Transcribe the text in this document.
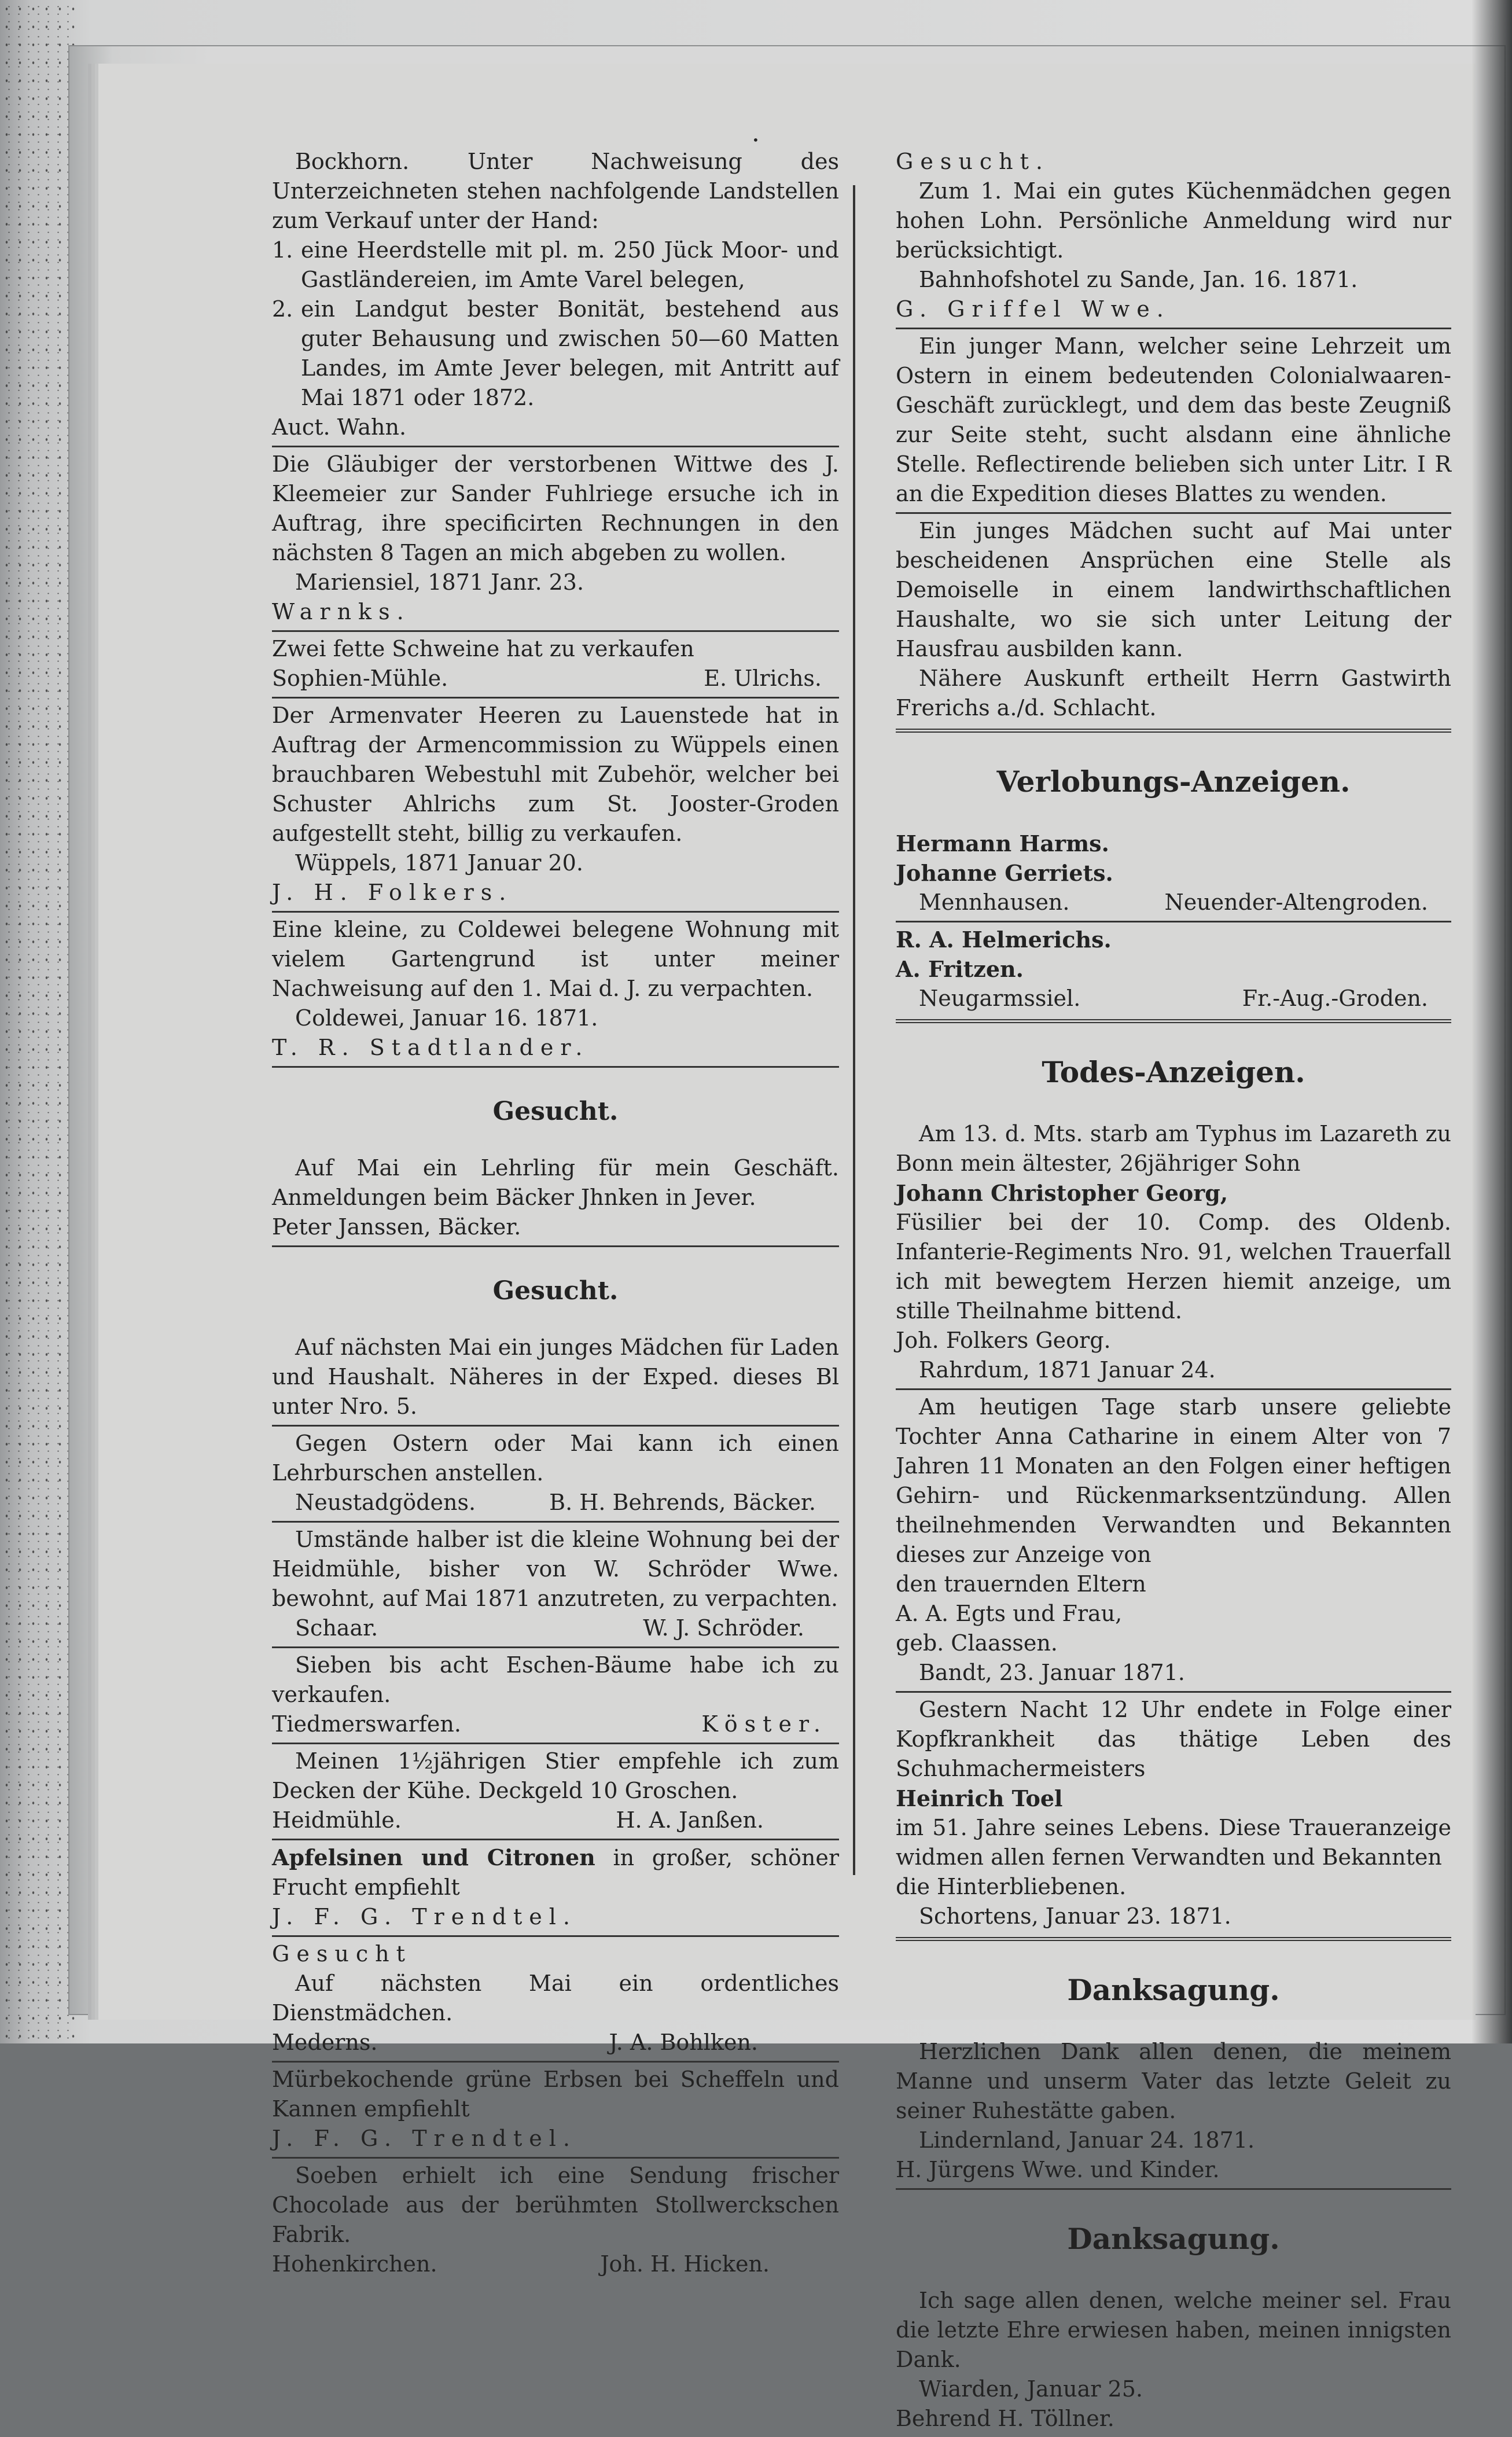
•

Bockhorn. Unter Nachweisung des Unterzeichneten stehen nachfolgende Landstellen zum Verkauf unter der Hand:

1. eine Heerdstelle mit pl. m. 250 Jück Moor- und Gastländereien, im Amte Varel belegen,
2. ein Landgut bester Bonität, bestehend aus guter Behausung und zwischen 50—60 Matten Landes, im Amte Jever belegen, mit Antritt auf Mai 1871 oder 1872.

Auct. Wahn.

Die Gläubiger der verstorbenen Wittwe des J. Kleemeier zur Sander Fuhlriege ersuche ich in Auftrag, ihre specificirten Rechnungen in den nächsten 8 Tagen an mich abgeben zu wollen.

Mariensiel, 1871 Janr. 23.

Warnks.

Zwei fette Schweine hat zu verkaufen

Sophien-Mühle.	E. Ulrichs.

Der Armenvater Heeren zu Lauenstede hat in Auftrag der Armencommission zu Wüppels einen brauchbaren Webestuhl mit Zubehör, welcher bei Schuster Ahlrichs zum St. Jooster-Groden aufgestellt steht, billig zu verkaufen.

Wüppels, 1871 Januar 20.

J. H. Folkers.

Eine kleine, zu Coldewei belegene Wohnung mit vielem Gartengrund ist unter meiner Nachweisung auf den 1. Mai d. J. zu verpachten.

Coldewei, Januar 16. 1871.

T. R. Stadtlander.

Gesucht.

Auf Mai ein Lehrling für mein Geschäft. Anmeldungen beim Bäcker Jhnken in Jever.

Peter Janssen, Bäcker.

Gesucht.

Auf nächsten Mai ein junges Mädchen für Laden und Haushalt. Näheres in der Exped. dieses Bl unter Nro. 5.

Gegen Ostern oder Mai kann ich einen Lehrburschen anstellen.

Neustadgödens.	B. H. Behrends, Bäcker.

Umstände halber ist die kleine Wohnung bei der Heidmühle, bisher von W. Schröder Wwe. bewohnt, auf Mai 1871 anzutreten, zu verpachten.

Schaar.	W. J. Schröder.

Sieben bis acht Eschen-Bäume habe ich zu verkaufen.

Tiedmerswarfen.	Köster.

Meinen 1½jährigen Stier empfehle ich zum Decken der Kühe. Deckgeld 10 Groschen.

Heidmühle.	H. A. Janßen.

Apfelsinen und Citronen in großer, schöner Frucht empfiehlt

J. F. G. Trendtel.

Gesucht

Auf nächsten Mai ein ordentliches Dienstmädchen.

Mederns.	J. A. Bohlken.

Mürbekochende grüne Erbsen bei Scheffeln und Kannen empfiehlt

J. F. G. Trendtel.

Soeben erhielt ich eine Sendung frischer Chocolade aus der berühmten Stollwerckschen Fabrik.

Hohenkirchen.	Joh. H. Hicken.

Gesucht.

Zum 1. Mai ein gutes Küchenmädchen gegen hohen Lohn. Persönliche Anmeldung wird nur berücksichtigt.

Bahnhofshotel zu Sande, Jan. 16. 1871.

G. Griffel Wwe.

Ein junger Mann, welcher seine Lehrzeit um Ostern in einem bedeutenden Colonialwaaren-Geschäft zurücklegt, und dem das beste Zeugniß zur Seite steht, sucht alsdann eine ähnliche Stelle. Reflectirende belieben sich unter Litr. I R an die Expedition dieses Blattes zu wenden.

Ein junges Mädchen sucht auf Mai unter bescheidenen Ansprüchen eine Stelle als Demoiselle in einem landwirthschaftlichen Haushalte, wo sie sich unter Leitung der Hausfrau ausbilden kann.

Nähere Auskunft ertheilt Herrn Gastwirth Frerichs a./d. Schlacht.

Verlobungs-Anzeigen.

Hermann Harms.

Johanne Gerriets.

Mennhausen.	Neuender-Altengroden.

R. A. Helmerichs.

A. Fritzen.

Neugarmssiel.	Fr.-Aug.-Groden.

Todes-Anzeigen.

Am 13. d. Mts. starb am Typhus im Lazareth zu Bonn mein ältester, 26jähriger Sohn

Johann Christopher Georg,

Füsilier bei der 10. Comp. des Oldenb. Infanterie-Regiments Nro. 91, welchen Trauerfall ich mit bewegtem Herzen hiemit anzeige, um stille Theilnahme bittend.

Joh. Folkers Georg.

Rahrdum, 1871 Januar 24.

Am heutigen Tage starb unsere geliebte Tochter Anna Catharine in einem Alter von 7 Jahren 11 Monaten an den Folgen einer heftigen Gehirn- und Rückenmarksentzündung. Allen theilnehmenden Verwandten und Bekannten dieses zur Anzeige von

den trauernden Eltern

A. A. Egts und Frau,

geb. Claassen.

Bandt, 23. Januar 1871.

Gestern Nacht 12 Uhr endete in Folge einer Kopfkrankheit das thätige Leben des Schuhmachermeisters

Heinrich Toel

im 51. Jahre seines Lebens. Diese Traueranzeige widmen allen fernen Verwandten und Bekannten

die Hinterbliebenen.

Schortens, Januar 23. 1871.

Danksagung.

Herzlichen Dank allen denen, die meinem Manne und unserm Vater das letzte Geleit zu seiner Ruhestätte gaben.

Lindernland, Januar 24. 1871.

H. Jürgens Wwe. und Kinder.

Danksagung.

Ich sage allen denen, welche meiner sel. Frau die letzte Ehre erwiesen haben, meinen innigsten Dank.

Wiarden, Januar 25.

Behrend H. Töllner.
